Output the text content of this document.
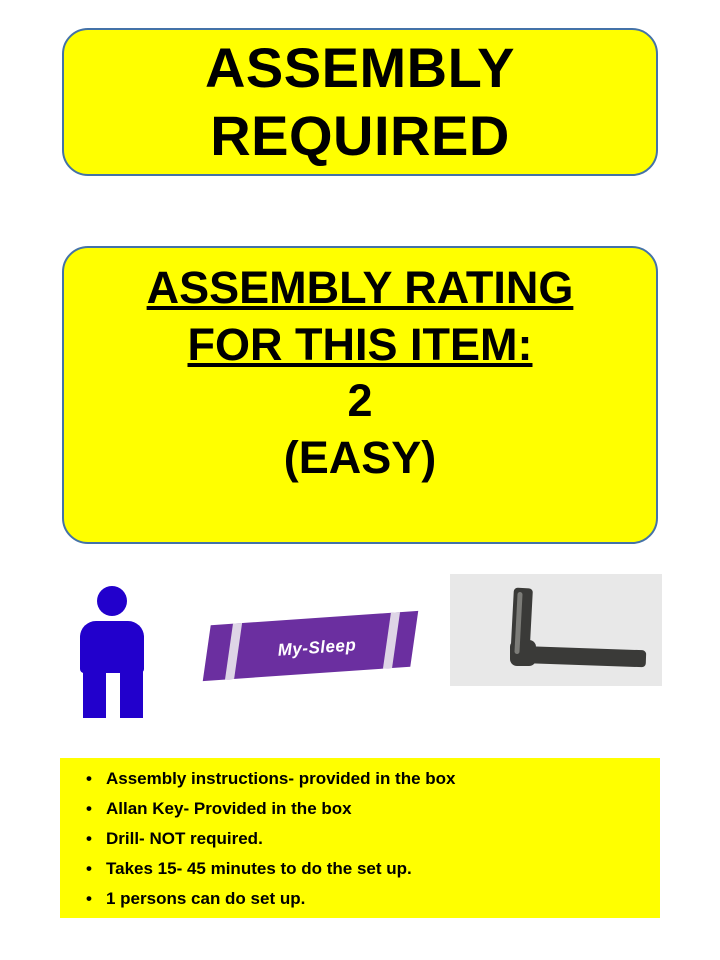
ASSEMBLY
REQUIRED
ASSEMBLY RATING
FOR THIS ITEM:
2
(EASY)
My-Sleep
• Assembly instructions- provided in the box
• Allan Key- Provided in the box
• Drill- NOT required.
• Takes 15- 45 minutes to do the set up.
• 1 persons can do set up.
